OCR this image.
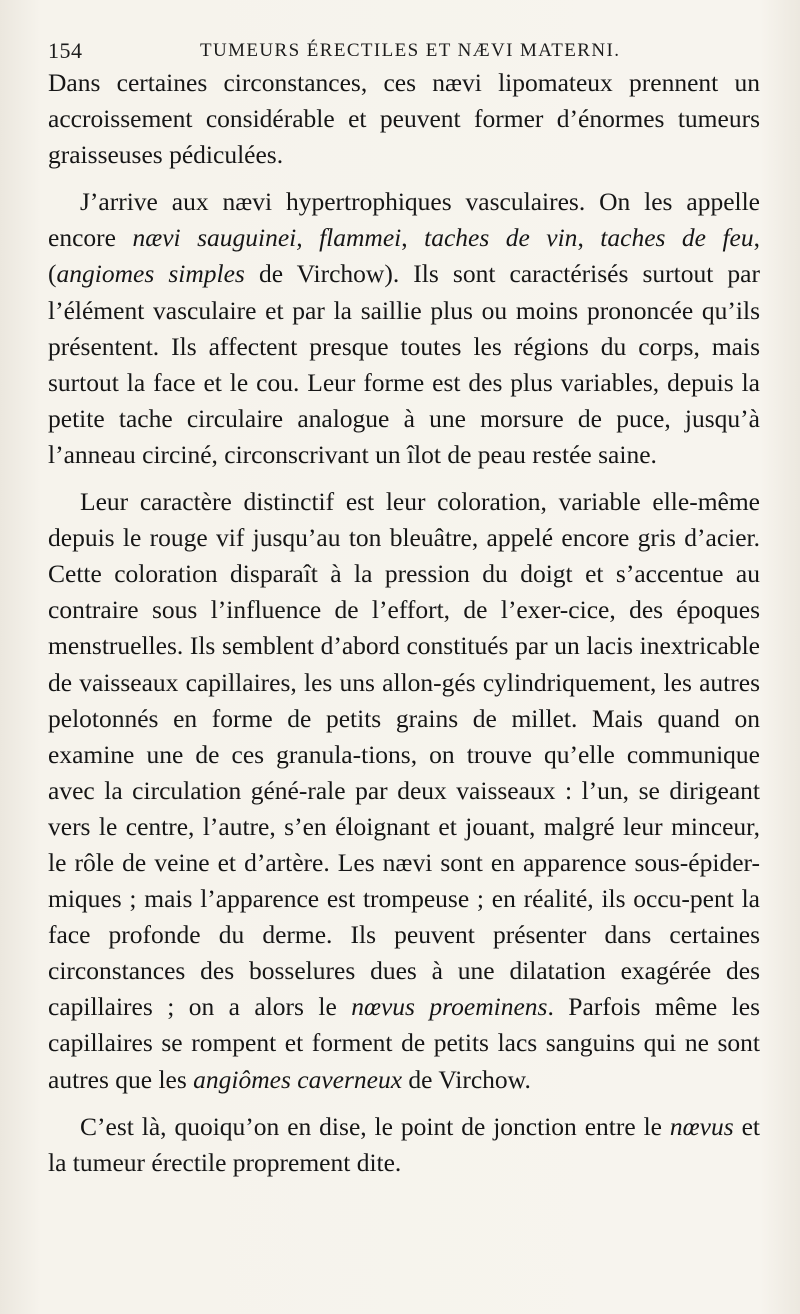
154	TUMEURS ÉRECTILES ET NÆVI MATERNI.

Dans certaines circonstances, ces nævi lipomateux prennent un accroissement considérable et peuvent former d’énormes tumeurs graisseuses pédiculées.

J’arrive aux nævi hypertrophiques vasculaires. On les appelle encore nævi sauguinei, flammei, taches de vin, taches de feu, (angiomes simples de Virchow). Ils sont caractérisés surtout par l’élément vasculaire et par la saillie plus ou moins prononcée qu’ils présentent. Ils affectent presque toutes les régions du corps, mais surtout la face et le cou. Leur forme est des plus variables, depuis la petite tache circulaire analogue à une morsure de puce, jusqu’à l’anneau circiné, circonscrivant un îlot de peau restée saine.

Leur caractère distinctif est leur coloration, variable elle-même depuis le rouge vif jusqu’au ton bleuâtre, appelé encore gris d’acier. Cette coloration disparaît à la pression du doigt et s’accentue au contraire sous l’influence de l’effort, de l’exer-cice, des époques menstruelles. Ils semblent d’abord constitués par un lacis inextricable de vaisseaux capillaires, les uns allon-gés cylindriquement, les autres pelotonnés en forme de petits grains de millet. Mais quand on examine une de ces granula-tions, on trouve qu’elle communique avec la circulation géné-rale par deux vaisseaux : l’un, se dirigeant vers le centre, l’autre, s’en éloignant et jouant, malgré leur minceur, le rôle de veine et d’artère. Les nævi sont en apparence sous-épider-miques ; mais l’apparence est trompeuse ; en réalité, ils occu-pent la face profonde du derme. Ils peuvent présenter dans certaines circonstances des bosselures dues à une dilatation exagérée des capillaires ; on a alors le nœvus proeminens. Parfois même les capillaires se rompent et forment de petits lacs sanguins qui ne sont autres que les angiômes caverneux de Virchow.

C’est là, quoiqu’on en dise, le point de jonction entre le nœvus et la tumeur érectile proprement dite.
